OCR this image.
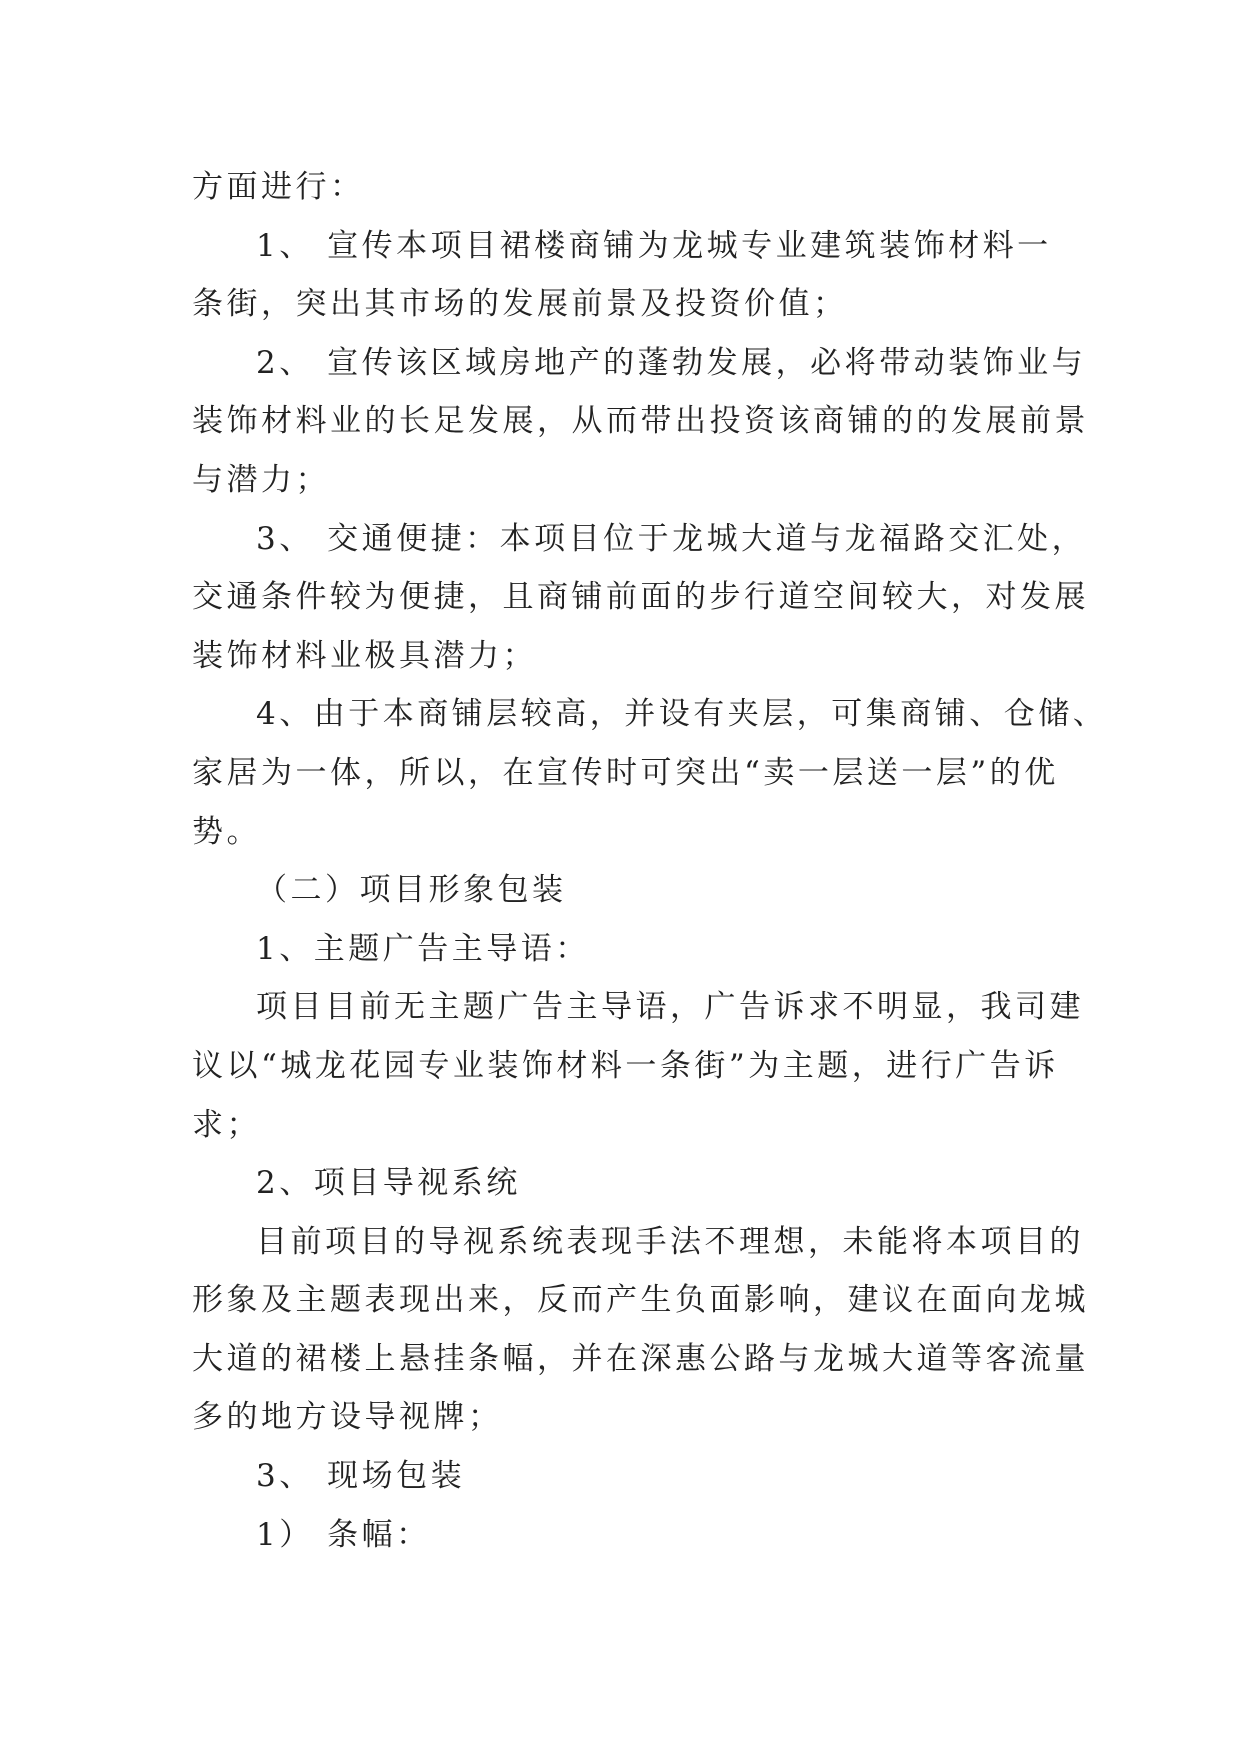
方面进行：
1、 宣传本项目裙楼商铺为龙城专业建筑装饰材料一
条街，突出其市场的发展前景及投资价值；
2、 宣传该区域房地产的蓬勃发展，必将带动装饰业与
装饰材料业的长足发展，从而带出投资该商铺的的发展前景
与潜力；
3、 交通便捷：本项目位于龙城大道与龙福路交汇处，
交通条件较为便捷，且商铺前面的步行道空间较大，对发展
装饰材料业极具潜力；
4、由于本商铺层较高，并设有夹层，可集商铺、仓储、
家居为一体，所以，在宣传时可突出“卖一层送一层”的优
势。
（二）项目形象包装
1、主题广告主导语：
项目目前无主题广告主导语，广告诉求不明显，我司建
议以“城龙花园专业装饰材料一条街”为主题，进行广告诉
求；
2、项目导视系统
目前项目的导视系统表现手法不理想，未能将本项目的
形象及主题表现出来，反而产生负面影响，建议在面向龙城
大道的裙楼上悬挂条幅，并在深惠公路与龙城大道等客流量
多的地方设导视牌；
3、 现场包装
1） 条幅：
